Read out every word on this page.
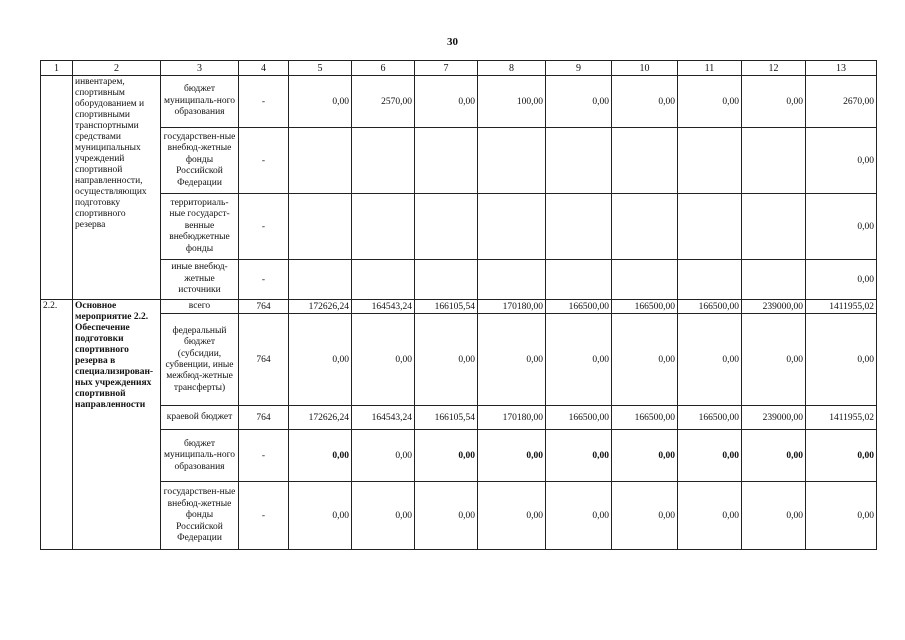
30
1	2	3	4	5	6	7	8	9	10	11	12	13
	инвентарем, спортивным оборудованием и спортивными транспортными средствами муниципальных учреждений спортивной направленности, осуществляющих подготовку спортивного резерва	бюджет муниципаль-ного образования	-	0,00	2570,00	0,00	100,00	0,00	0,00	0,00	0,00	2670,00
		государствен-ные внебюд-жетные фонды Российской Федерации	-									0,00
		территориаль-ные государст-венные внебюджетные фонды	-									0,00
		иные внебюд-жетные источники	-									0,00
2.2.	Основное мероприятие 2.2. Обеспечение подготовки спортивного резерва в специализирован-ных учреждениях спортивной направленности	всего	764	172626,24	164543,24	166105,54	170180,00	166500,00	166500,00	166500,00	239000,00	1411955,02
		федеральный бюджет (субсидии, субвенции, иные межбюд-жетные трансферты)	764	0,00	0,00	0,00	0,00	0,00	0,00	0,00	0,00	0,00
		краевой бюджет	764	172626,24	164543,24	166105,54	170180,00	166500,00	166500,00	166500,00	239000,00	1411955,02
		бюджет муниципаль-ного образования	-	0,00	0,00	0,00	0,00	0,00	0,00	0,00	0,00	0,00
		государствен-ные внебюд-жетные фонды Российской Федерации	-	0,00	0,00	0,00	0,00	0,00	0,00	0,00	0,00	0,00
